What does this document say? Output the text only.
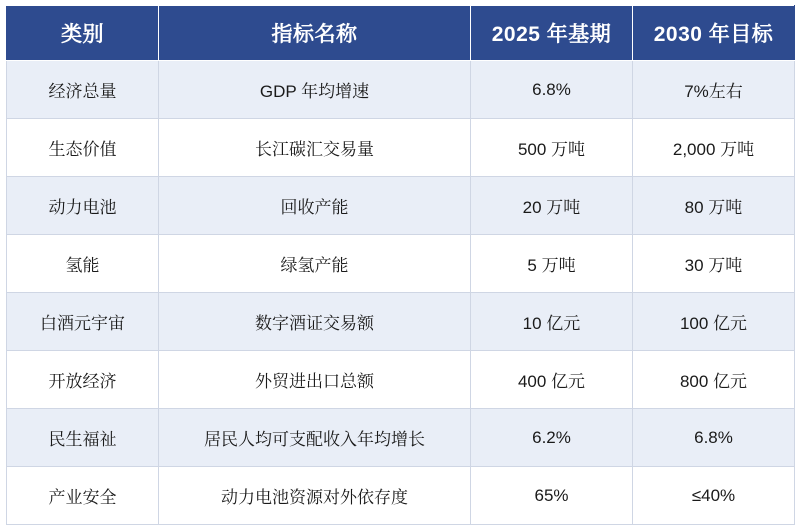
类别	指标名称	2025 年基期	2030 年目标
经济总量	GDP 年均增速	6.8%	7%左右
生态价值	长江碳汇交易量	500 万吨	2,000 万吨
动力电池	回收产能	20 万吨	80 万吨
氢能	绿氢产能	5 万吨	30 万吨
白酒元宇宙	数字酒证交易额	10 亿元	100 亿元
开放经济	外贸进出口总额	400 亿元	800 亿元
民生福祉	居民人均可支配收入年均增长	6.2%	6.8%
产业安全	动力电池资源对外依存度	65%	≤40%
